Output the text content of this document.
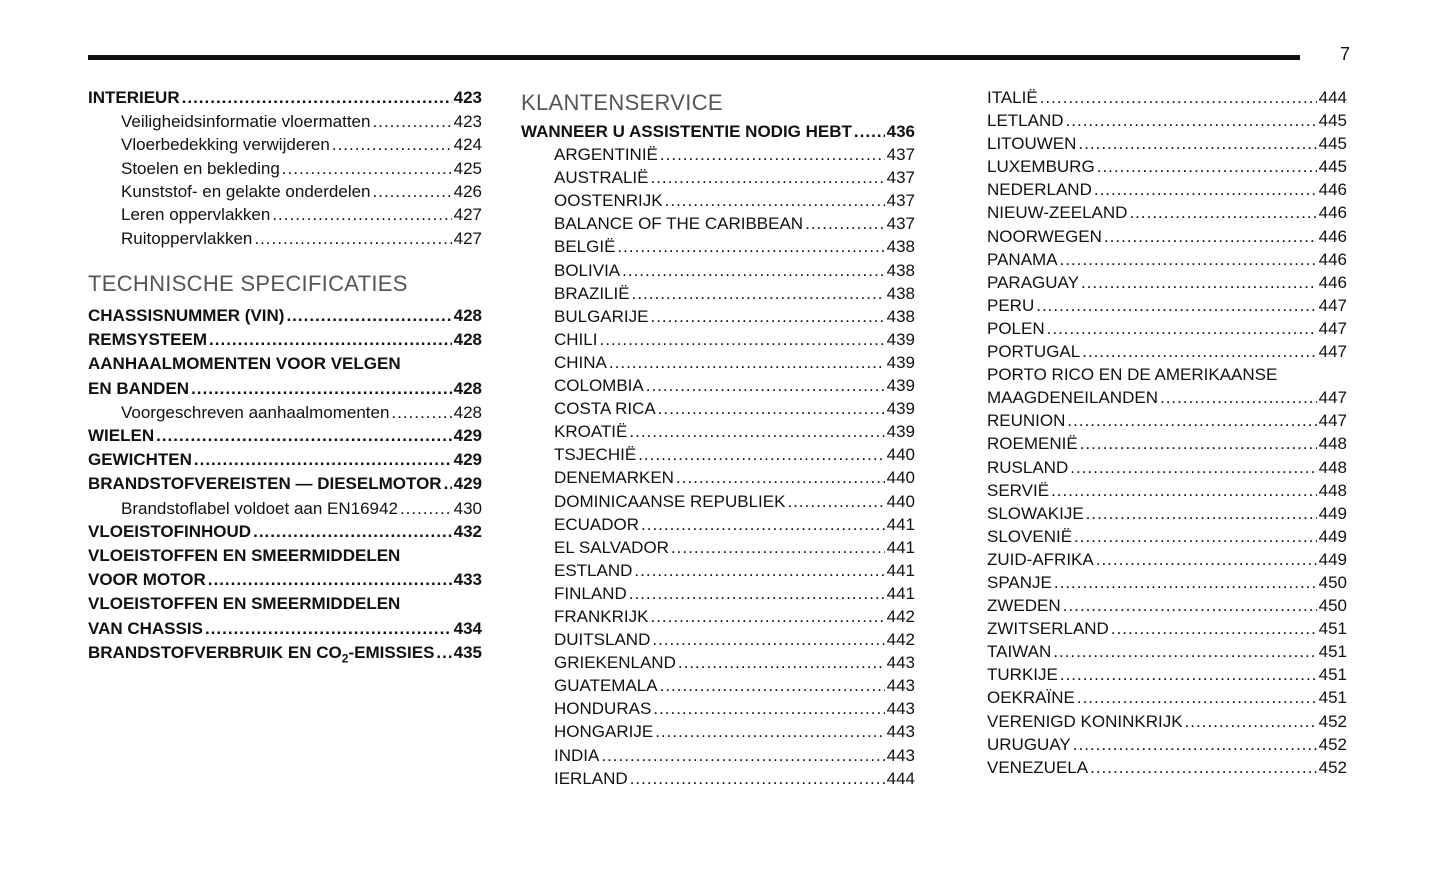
7
INTERIEUR .....	423
Veiligheidsinformatie vloermatten .....	423
Vloerbedekking verwijderen .....	424
Stoelen en bekleding .....	425
Kunststof- en gelakte onderdelen .....	426
Leren oppervlakken .....	427
Ruitoppervlakken .....	427
TECHNISCHE SPECIFICATIES
CHASSISNUMMER (VIN) .....	428
REMSYSTEEM .....	428
AANHAALMOMENTEN VOOR VELGEN
EN BANDEN .....	428
Voorgeschreven aanhaalmomenten .....	428
WIELEN .....	429
GEWICHTEN .....	429
BRANDSTOFVEREISTEN — DIESELMOTOR ..... 429
Brandstoflabel voldoet aan EN16942 .....	430
VLOEISTOFINHOUD .....	432
VLOEISTOFFEN EN SMEERMIDDELEN
VOOR MOTOR .....	433
VLOEISTOFFEN EN SMEERMIDDELEN
VAN CHASSIS .....	434
BRANDSTOFVERBRUIK EN $CO_2$-EMISSIES ..... 435
KLANTENSERVICE
WANNEER U ASSISTENTIE NODIG HEBT ..... 436
ARGENTINIË .....	437
AUSTRALIË .....	437
OOSTENRIJK .....	437
BALANCE OF THE CARIBBEAN .....	437
BELGIË .....	438
BOLIVIA .....	438
BRAZILIË .....	438
BULGARIJE .....	438
CHILI .....	439
CHINA .....	439
COLOMBIA .....	439
COSTA RICA .....	439
KROATIË .....	439
TSJECHIË .....	440
DENEMARKEN .....	440
DOMINICAANSE REPUBLIEK .....	440
ECUADOR .....	441
EL SALVADOR .....	441
ESTLAND .....	441
FINLAND .....	441
FRANKRIJK .....	442
DUITSLAND .....	442
GRIEKENLAND .....	443
GUATEMALA .....	443
HONDURAS .....	443
HONGARIJE .....	443
INDIA .....	443
IERLAND .....	444
ITALIË .....	444
LETLAND .....	445
LITOUWEN .....	445
LUXEMBURG .....	445
NEDERLAND .....	446
NIEUW-ZEELAND .....	446
NOORWEGEN .....	446
PANAMA .....	446
PARAGUAY .....	446
PERU .....	447
POLEN .....	447
PORTUGAL .....	447
PORTO RICO EN DE AMERIKAANSE
MAAGDENEILANDEN .....	447
REUNION .....	447
ROEMENIË .....	448
RUSLAND .....	448
SERVIË .....	448
SLOWAKIJE .....	449
SLOVENIË .....	449
ZUID-AFRIKA .....	449
SPANJE .....	450
ZWEDEN .....	450
ZWITSERLAND .....	451
TAIWAN .....	451
TURKIJE .....	451
OEKRAÏNE .....	451
VERENIGD KONINKRIJK .....	452
URUGUAY .....	452
VENEZUELA .....	452
